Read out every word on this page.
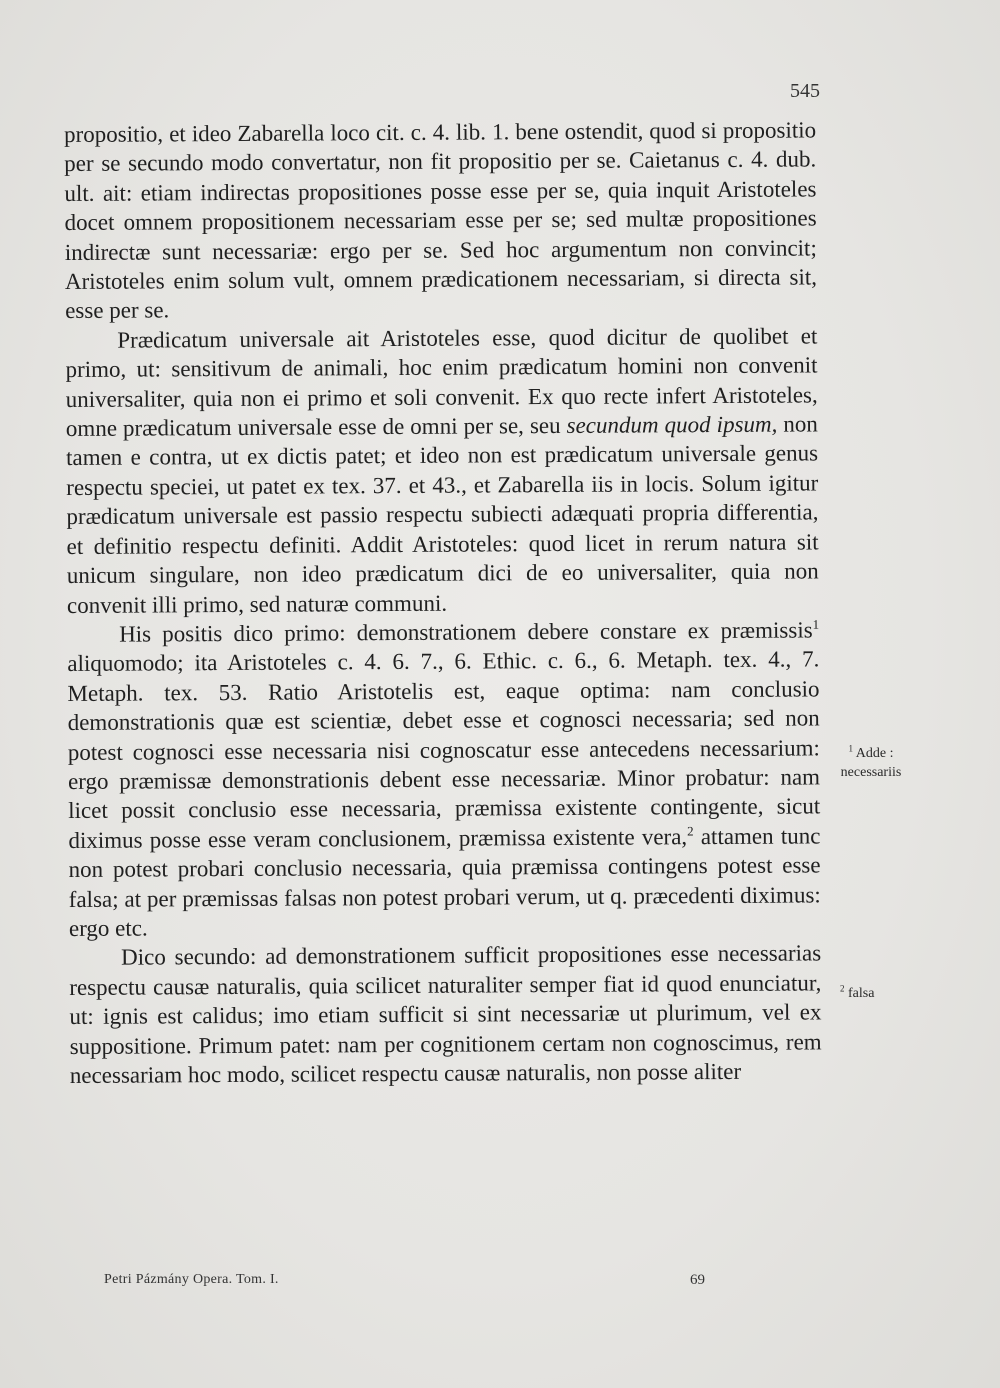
545

propositio, et ideo Zabarella loco cit. c. 4. lib. 1. bene ostendit, quod si propositio per se secundo modo convertatur, non fit propositio per se. Caietanus c. 4. dub. ult. ait: etiam indirectas propositiones posse esse per se, quia inquit Aristoteles docet omnem propositionem necessariam esse per se; sed multæ propositiones indirectæ sunt necessariæ: ergo per se. Sed hoc argumentum non convincit; Aristoteles enim solum vult, omnem prædicationem necessariam, si directa sit, esse per se.

Prædicatum universale ait Aristoteles esse, quod dicitur de quolibet et primo, ut: sensitivum de animali, hoc enim prædicatum homini non convenit universaliter, quia non ei primo et soli convenit. Ex quo recte infert Aristoteles, omne prædicatum universale esse de omni per se, seu secundum quod ipsum, non tamen e contra, ut ex dictis patet; et ideo non est prædicatum universale genus respectu speciei, ut patet ex tex. 37. et 43., et Zabarella iis in locis. Solum igitur prædicatum universale est passio respectu subiecti adæquati propria differentia, et definitio respectu definiti. Addit Aristoteles: quod licet in rerum natura sit unicum singulare, non ideo prædicatum dici de eo universaliter, quia non convenit illi primo, sed naturæ communi.

His positis dico primo: demonstrationem debere constare ex præmissis$^1$ aliquomodo; ita Aristoteles c. 4. 6. 7., 6. Ethic. c. 6., 6. Metaph. tex. 4., 7. Metaph. tex. 53. Ratio Aristotelis est, eaque optima: nam conclusio demonstrationis quæ est scientiæ, debet esse et cognosci necessaria; sed non potest cognosci esse necessaria nisi cognoscatur esse antecedens necessarium: ergo præmissæ demonstrationis debent esse necessariæ. Minor probatur: nam licet possit conclusio esse necessaria, præmissa existente contingente, sicut diximus posse esse veram conclusionem, præmissa existente vera,$^2$ attamen tunc non potest probari conclusio necessaria, quia præmissa contingens potest esse falsa; at per præmissas falsas non potest probari verum, ut q. præcedenti diximus: ergo etc.

Dico secundo: ad demonstrationem sufficit propositiones esse necessarias respectu causæ naturalis, quia scilicet naturaliter semper fiat id quod enunciatur, ut: ignis est calidus; imo etiam sufficit si sint necessariæ ut plurimum, vel ex suppositione. Primum patet: nam per cognitionem certam non cognoscimus, rem necessariam hoc modo, scilicet respectu causæ naturalis, non posse aliter

$^1$ Adde :
necessariis
$^2$ falsa
Petri Pázmány Opera. Tom. I.	69
